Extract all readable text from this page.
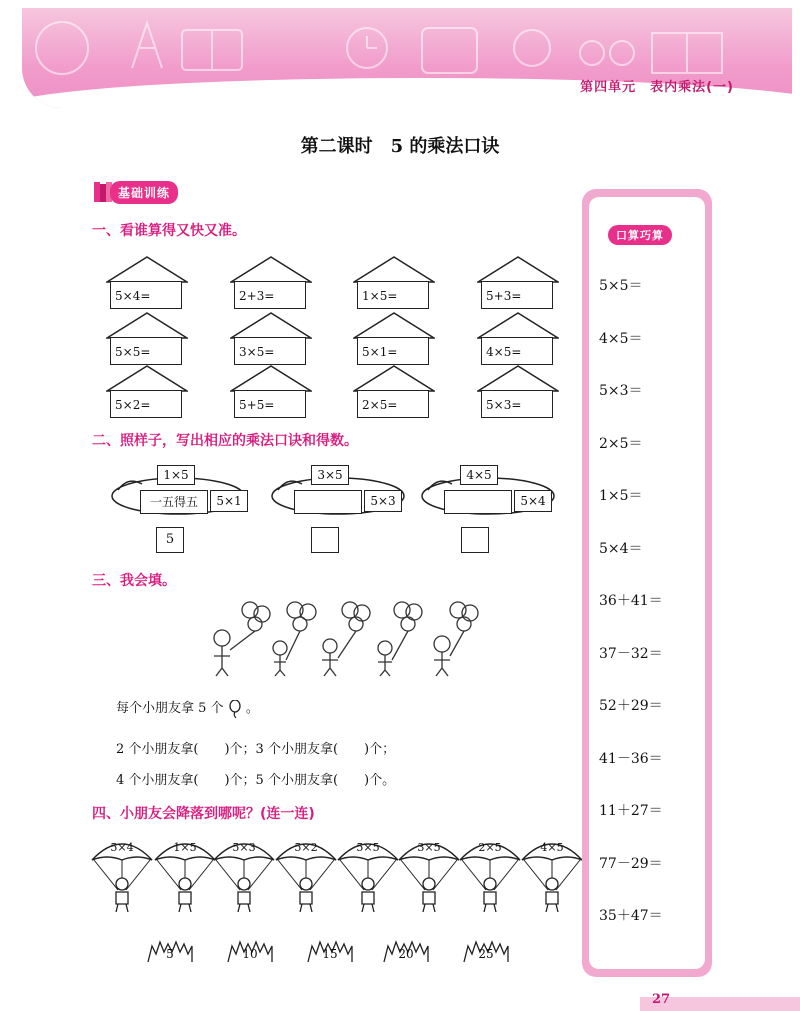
第四单元　表内乘法(一)
第二课时　5 的乘法口诀
基础训练
一、看谁算得又快又准。
5×4=	2+3=	1×5=	5+3=
5×5=	3×5=	5×1=	4×5=
5×2=	5+5=	2×5=	5×3=
二、照样子，写出相应的乘法口诀和得数。
1×5
一五得五	5×1
5
3×5
5×3
4×5
5×4
三、我会填。
每个小朋友拿 5 个 。
2 个小朋友拿(　　)个；3 个小朋友拿(　　)个；
4 个小朋友拿(　　)个；5 个小朋友拿(　　)个。
四、小朋友会降落到哪呢？(连一连)
5×4	1×5	5×3	5×2	5×5	3×5	2×5	4×5
5	10	15	20	25
口算巧算
5×5＝
4×5＝
5×3＝
2×5＝
1×5＝
5×4＝
36＋41＝
37－32＝
52＋29＝
41－36＝
11＋27＝
77－29＝
35＋47＝
27
